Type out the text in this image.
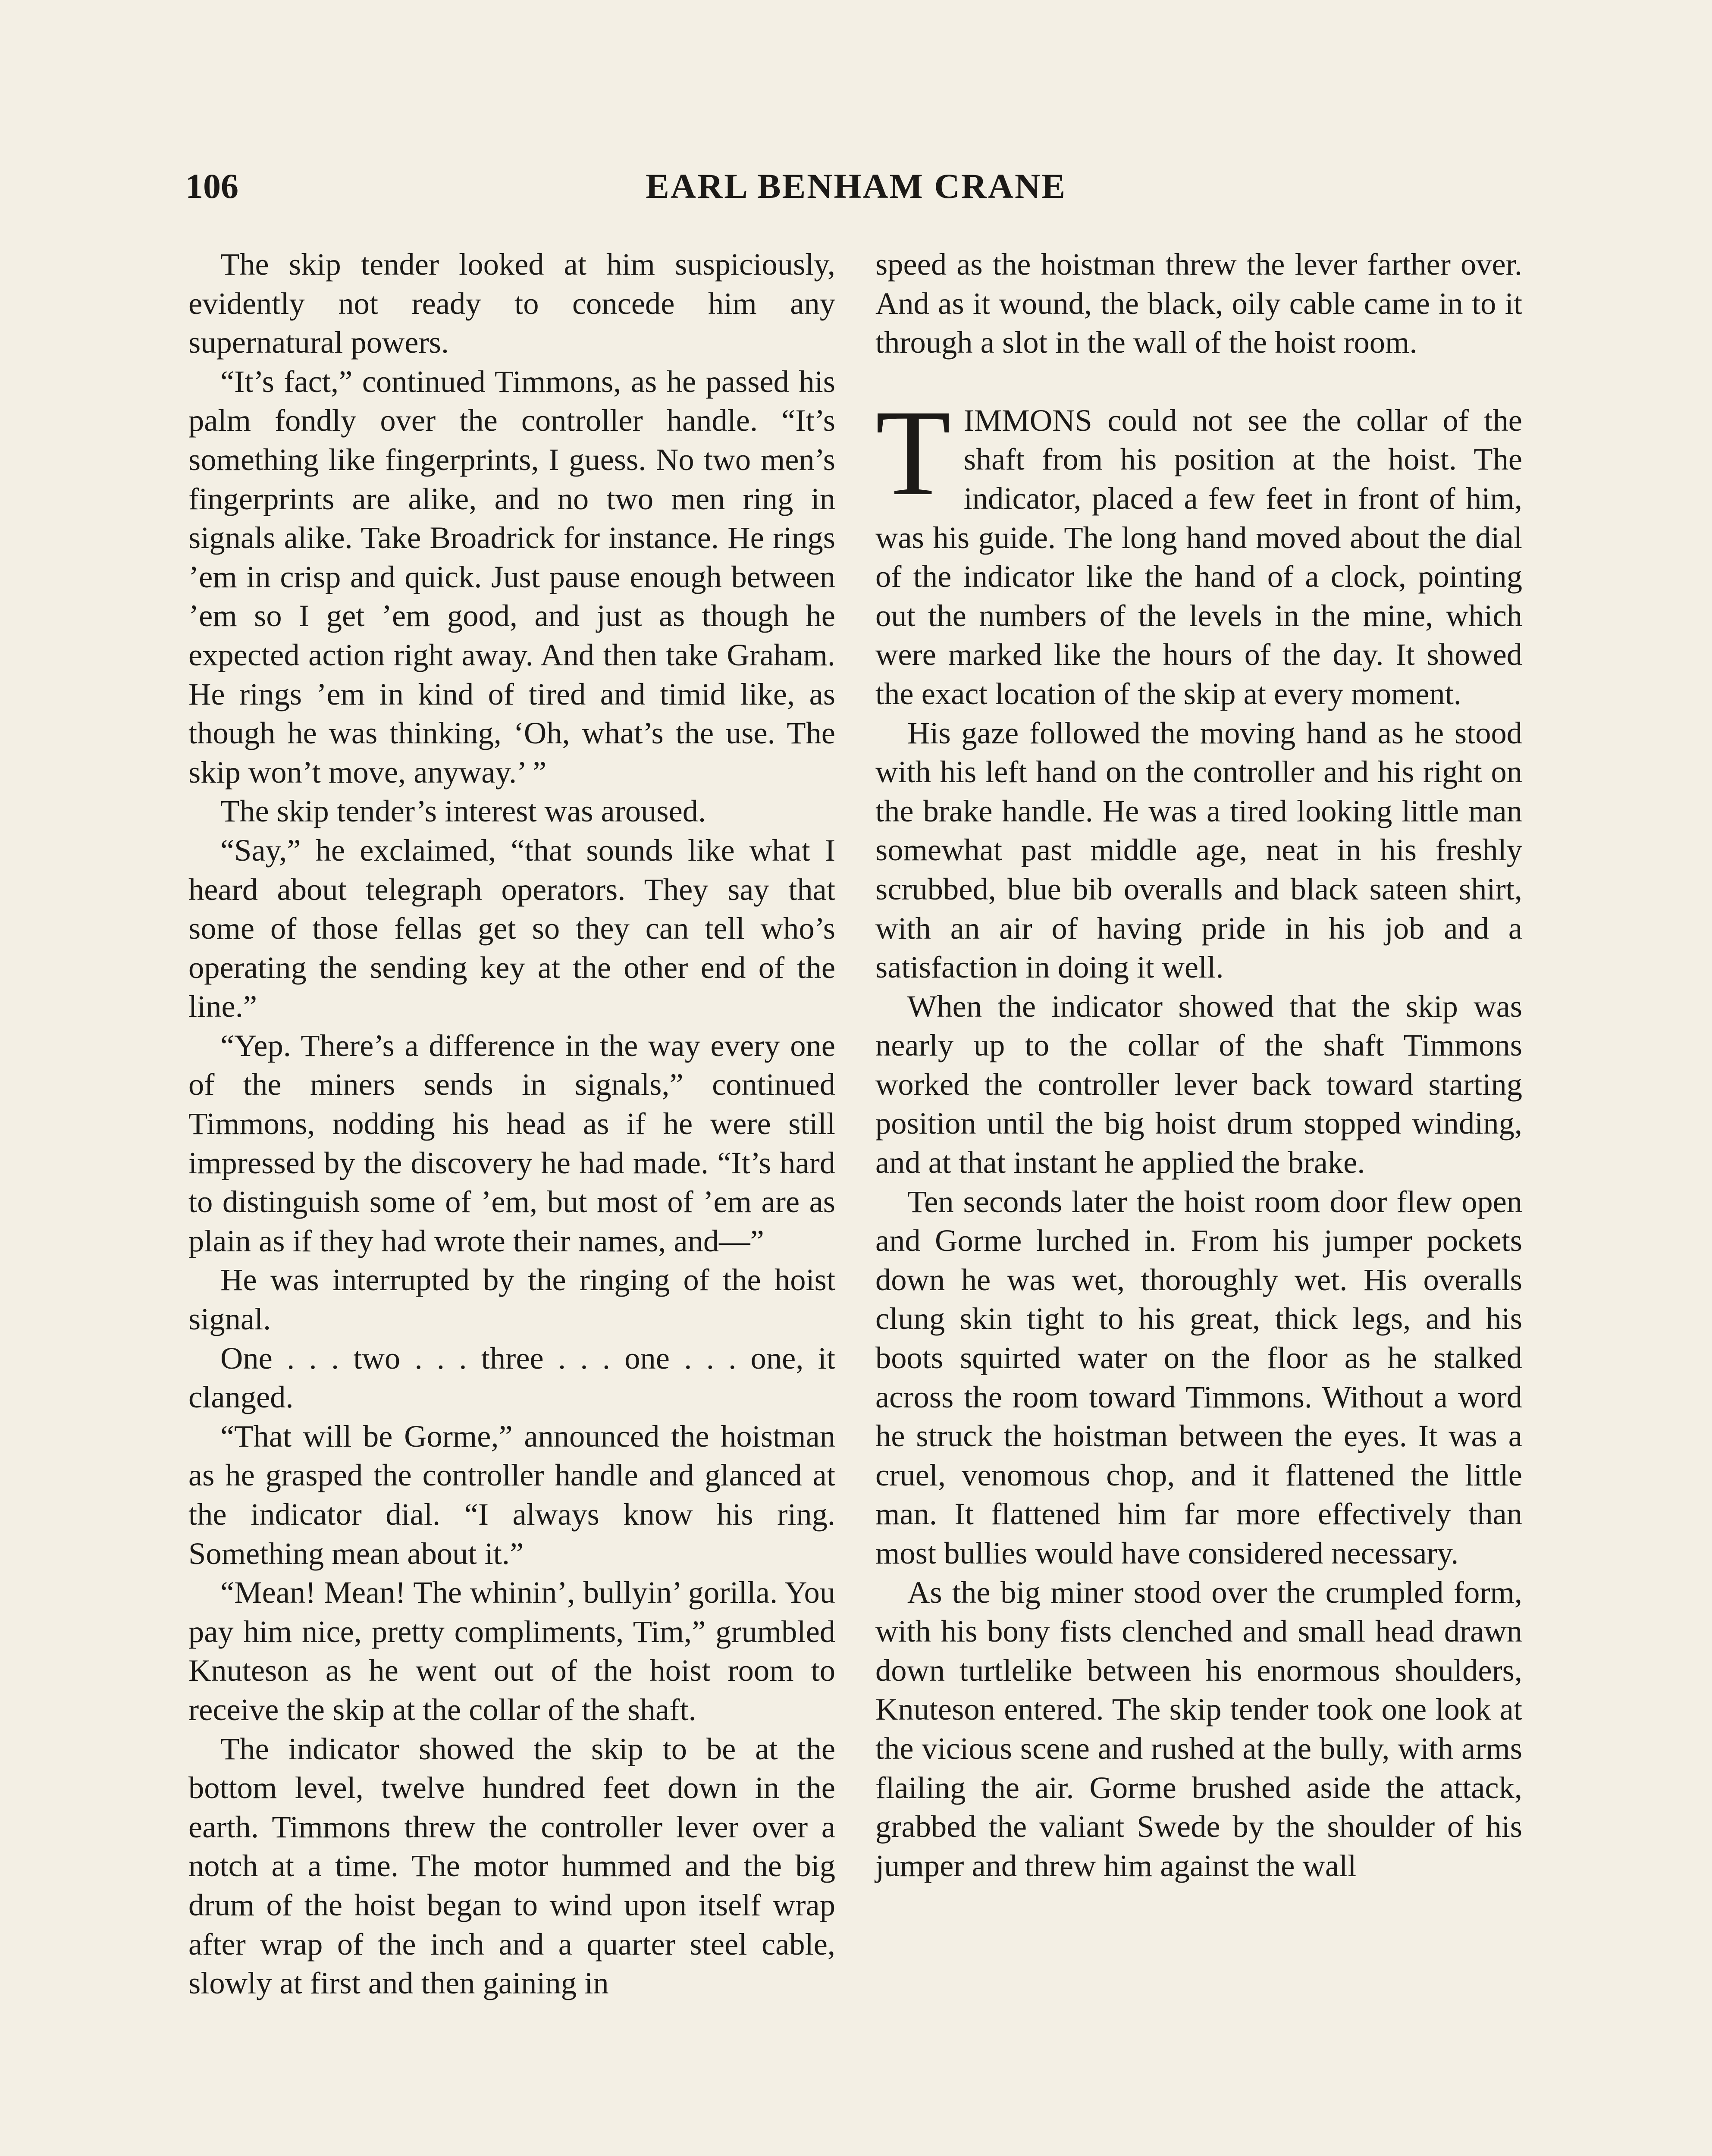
106	EARL BENHAM CRANE

The skip tender looked at him suspiciously, evidently not ready to concede him any supernatural powers.

“It’s fact,” continued Timmons, as he passed his palm fondly over the controller handle. “It’s something like fingerprints, I guess. No two men’s fingerprints are alike, and no two men ring in signals alike. Take Broadrick for instance. He rings ’em in crisp and quick. Just pause enough between ’em so I get ’em good, and just as though he expected action right away. And then take Graham. He rings ’em in kind of tired and timid like, as though he was thinking, ‘Oh, what’s the use. The skip won’t move, anyway.’ ”

The skip tender’s interest was aroused.

“Say,” he exclaimed, “that sounds like what I heard about telegraph operators. They say that some of those fellas get so they can tell who’s operating the sending key at the other end of the line.”

“Yep. There’s a difference in the way every one of the miners sends in signals,” continued Timmons, nodding his head as if he were still impressed by the discovery he had made. “It’s hard to distinguish some of ’em, but most of ’em are as plain as if they had wrote their names, and—”

He was interrupted by the ringing of the hoist signal.

One . . . two . . . three . . . one . . . one, it clanged.

“That will be Gorme,” announced the hoistman as he grasped the controller handle and glanced at the indicator dial. “I always know his ring. Something mean about it.”

“Mean! Mean! The whinin’, bullyin’ gorilla. You pay him nice, pretty compliments, Tim,” grumbled Knuteson as he went out of the hoist room to receive the skip at the collar of the shaft.

The indicator showed the skip to be at the bottom level, twelve hundred feet down in the earth. Timmons threw the controller lever over a notch at a time. The motor hummed and the big drum of the hoist began to wind upon itself wrap after wrap of the inch and a quarter steel cable, slowly at first and then gaining in

speed as the hoistman threw the lever farther over. And as it wound, the black, oily cable came in to it through a slot in the wall of the hoist room.

TIMMONS could not see the collar of the shaft from his position at the hoist. The indicator, placed a few feet in front of him, was his guide. The long hand moved about the dial of the indicator like the hand of a clock, pointing out the numbers of the levels in the mine, which were marked like the hours of the day. It showed the exact location of the skip at every moment.

His gaze followed the moving hand as he stood with his left hand on the controller and his right on the brake handle. He was a tired looking little man somewhat past middle age, neat in his freshly scrubbed, blue bib overalls and black sateen shirt, with an air of having pride in his job and a satisfaction in doing it well.

When the indicator showed that the skip was nearly up to the collar of the shaft Timmons worked the controller lever back toward starting position until the big hoist drum stopped winding, and at that instant he applied the brake.

Ten seconds later the hoist room door flew open and Gorme lurched in. From his jumper pockets down he was wet, thoroughly wet. His overalls clung skin tight to his great, thick legs, and his boots squirted water on the floor as he stalked across the room toward Timmons. Without a word he struck the hoistman between the eyes. It was a cruel, venomous chop, and it flattened the little man. It flattened him far more effectively than most bullies would have considered necessary.

As the big miner stood over the crumpled form, with his bony fists clenched and small head drawn down turtlelike between his enormous shoulders, Knuteson entered. The skip tender took one look at the vicious scene and rushed at the bully, with arms flailing the air. Gorme brushed aside the attack, grabbed the valiant Swede by the shoulder of his jumper and threw him against the wall
